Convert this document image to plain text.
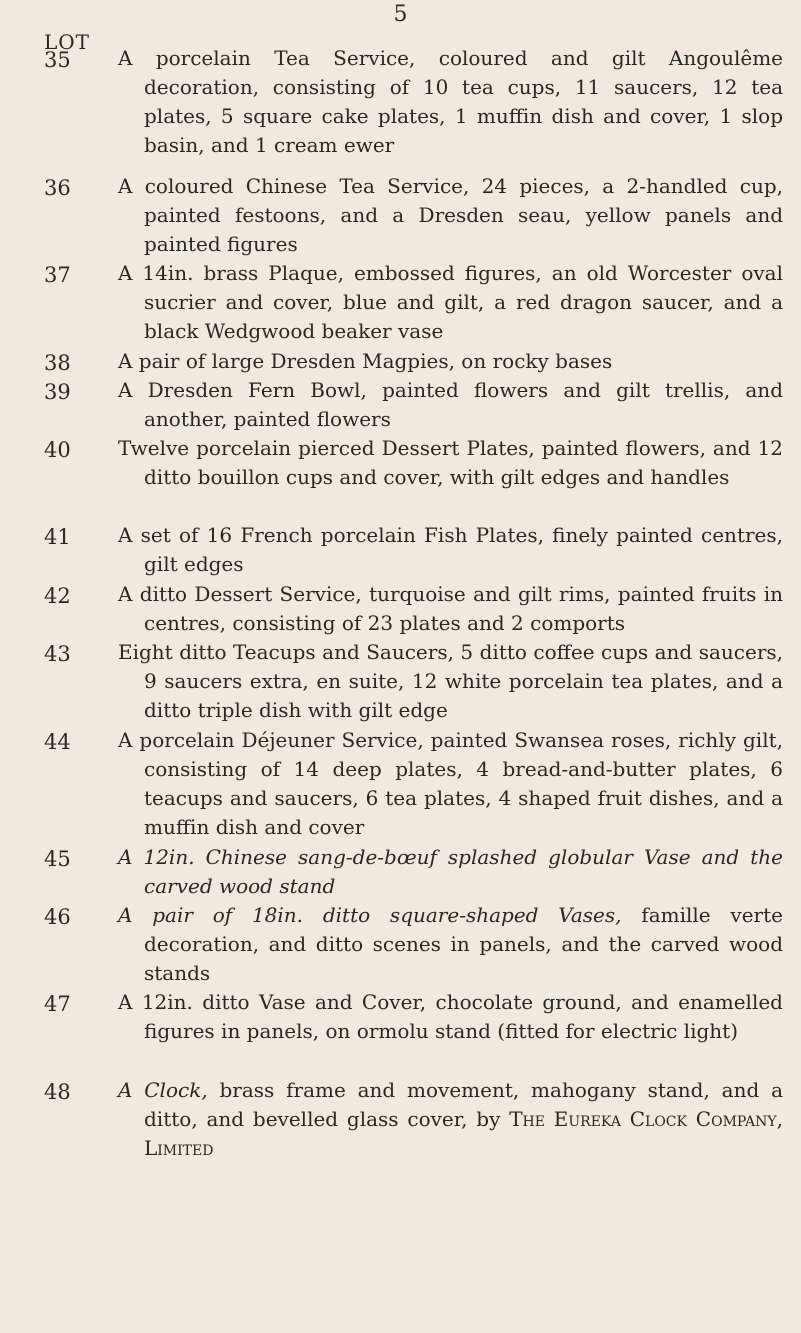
5
LOT
35 A porcelain Tea Service, coloured and gilt Angoulême decoration, consisting of 10 tea cups, 11 saucers, 12 tea plates, 5 square cake plates, 1 muffin dish and cover, 1 slop basin, and 1 cream ewer
36 A coloured Chinese Tea Service, 24 pieces, a 2-handled cup, painted festoons, and a Dresden seau, yellow panels and painted figures
37 A 14in. brass Plaque, embossed figures, an old Worcester oval sucrier and cover, blue and gilt, a red dragon saucer, and a black Wedgwood beaker vase
38 A pair of large Dresden Magpies, on rocky bases
39 A Dresden Fern Bowl, painted flowers and gilt trellis, and another, painted flowers
40 Twelve porcelain pierced Dessert Plates, painted flowers, and 12 ditto bouillon cups and cover, with gilt edges and handles
41 A set of 16 French porcelain Fish Plates, finely painted centres, gilt edges
42 A ditto Dessert Service, turquoise and gilt rims, painted fruits in centres, consisting of 23 plates and 2 comports
43 Eight ditto Teacups and Saucers, 5 ditto coffee cups and saucers, 9 saucers extra, en suite, 12 white porcelain tea plates, and a ditto triple dish with gilt edge
44 A porcelain Déjeuner Service, painted Swansea roses, richly gilt, consisting of 14 deep plates, 4 bread-and-butter plates, 6 teacups and saucers, 6 tea plates, 4 shaped fruit dishes, and a muffin dish and cover
45 A 12in. Chinese sang-de-bœuf splashed globular Vase and the carved wood stand
46 A pair of 18in. ditto square-shaped Vases, famille verte decoration, and ditto scenes in panels, and the carved wood stands
47 A 12in. ditto Vase and Cover, chocolate ground, and enamelled figures in panels, on ormolu stand (fitted for electric light)
48 A Clock, brass frame and movement, mahogany stand, and a ditto, and bevelled glass cover, by The Eureka Clock Company, Limited
